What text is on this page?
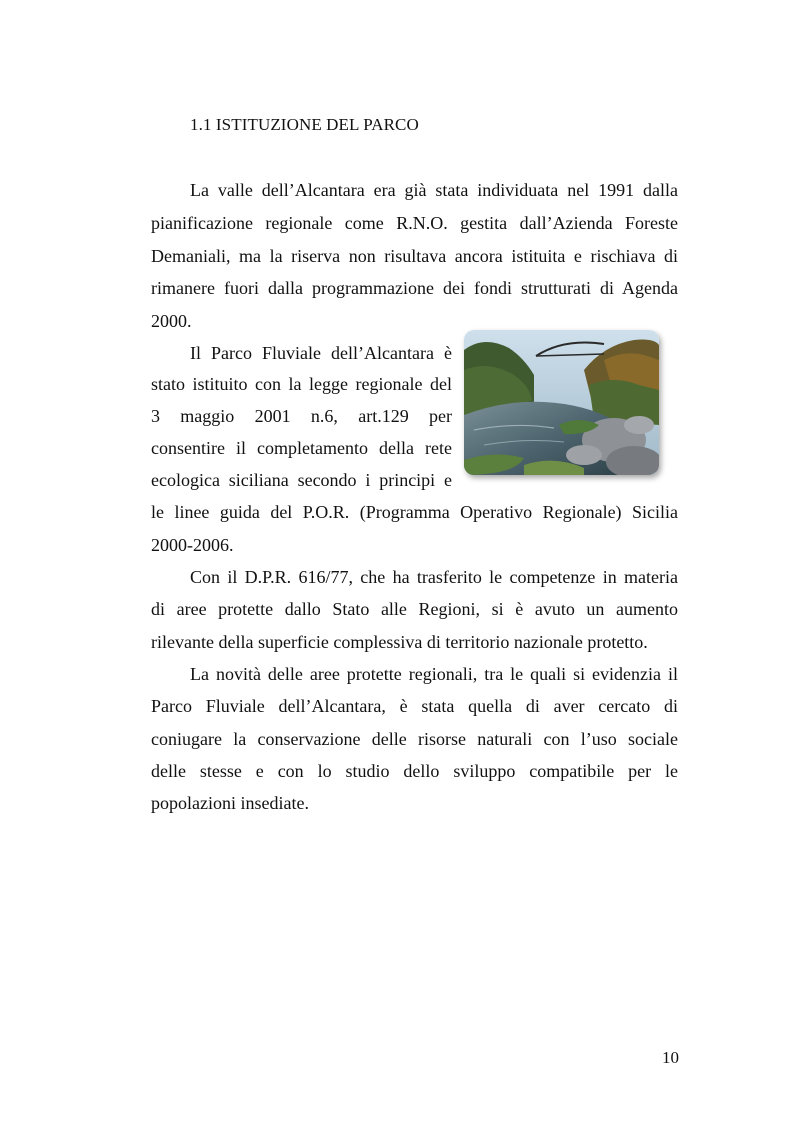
1.1 ISTITUZIONE DEL PARCO
La valle dell’Alcantara era già stata individuata nel 1991 dalla
pianificazione regionale come R.N.O. gestita dall’Azienda Foreste
Demaniali, ma la riserva non risultava ancora istituita e rischiava di
rimanere fuori dalla programmazione dei fondi strutturati di Agenda
2000.
Il Parco Fluviale dell’Alcantara è
stato istituito con la legge regionale del
3 maggio 2001 n.6, art.129 per
consentire il completamento della rete
ecologica siciliana secondo i principi e
le linee guida del P.O.R. (Programma Operativo Regionale) Sicilia
2000-2006.
Con il D.P.R. 616/77, che ha trasferito le competenze in materia
di aree protette dallo Stato alle Regioni, si è avuto un aumento
rilevante della superficie complessiva di territorio nazionale protetto.
La novità delle aree protette regionali, tra le quali si evidenzia il
Parco Fluviale dell’Alcantara, è stata quella di aver cercato di
coniugare la conservazione delle risorse naturali con l’uso sociale
delle stesse e con lo studio dello sviluppo compatibile per le
popolazioni insediate.
10
